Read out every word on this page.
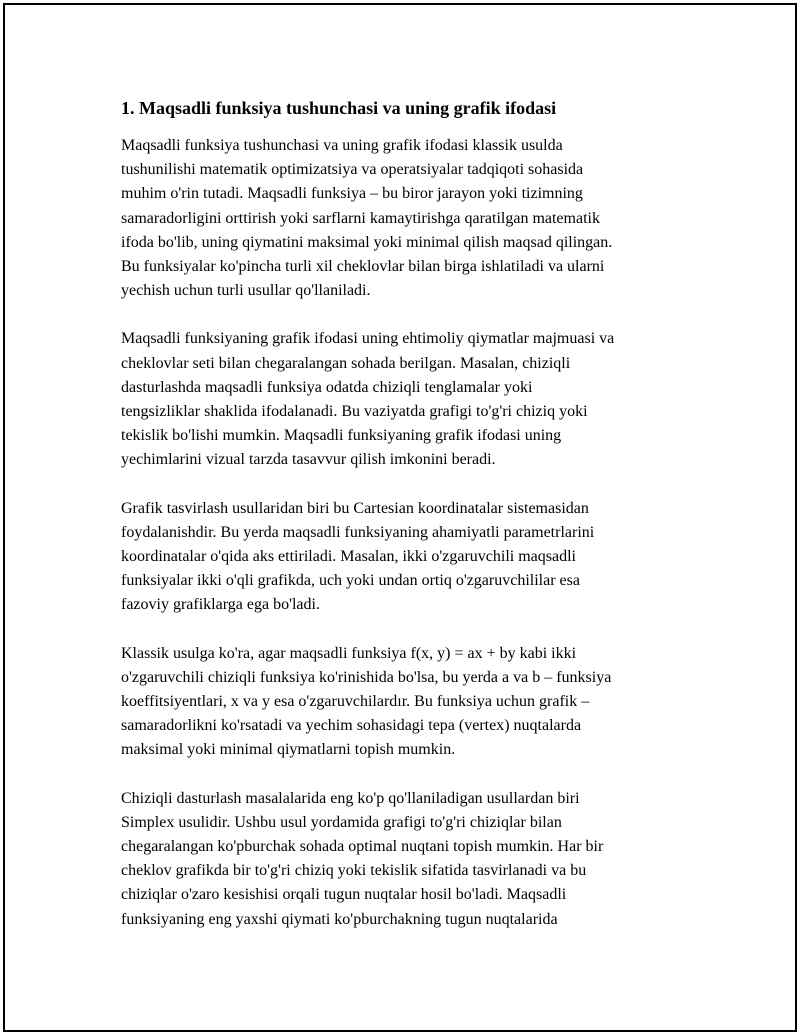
1. Maqsadli funksiya tushunchasi va uning grafik ifodasi

Maqsadli funksiya tushunchasi va uning grafik ifodasi klassik usulda
tushunilishi matematik optimizatsiya va operatsiyalar tadqiqoti sohasida
muhim o'rin tutadi. Maqsadli funksiya – bu biror jarayon yoki tizimning
samaradorligini orttirish yoki sarflarni kamaytirishga qaratilgan matematik
ifoda bo'lib, uning qiymatini maksimal yoki minimal qilish maqsad qilingan.
Bu funksiyalar ko'pincha turli xil cheklovlar bilan birga ishlatiladi va ularni
yechish uchun turli usullar qo'llaniladi.

Maqsadli funksiyaning grafik ifodasi uning ehtimoliy qiymatlar majmuasi va
cheklovlar seti bilan chegaralangan sohada berilgan. Masalan, chiziqli
dasturlashda maqsadli funksiya odatda chiziqli tenglamalar yoki
tengsizliklar shaklida ifodalanadi. Bu vaziyatda grafigi to'g'ri chiziq yoki
tekislik bo'lishi mumkin. Maqsadli funksiyaning grafik ifodasi uning
yechimlarini vizual tarzda tasavvur qilish imkonini beradi.

Grafik tasvirlash usullaridan biri bu Cartesian koordinatalar sistemasidan
foydalanishdir. Bu yerda maqsadli funksiyaning ahamiyatli parametrlarini
koordinatalar o'qida aks ettiriladi. Masalan, ikki o'zgaruvchili maqsadli
funksiyalar ikki o'qli grafikda, uch yoki undan ortiq o'zgaruvchililar esa
fazoviy grafiklarga ega bo'ladi.

Klassik usulga ko'ra, agar maqsadli funksiya f(x, y) = ax + by kabi ikki
o'zgaruvchili chiziqli funksiya ko'rinishida bo'lsa, bu yerda a va b – funksiya
koeffitsiyentlari, x va y esa o'zgaruvchilardır. Bu funksiya uchun grafik –
samaradorlikni ko'rsatadi va yechim sohasidagi tepa (vertex) nuqtalarda
maksimal yoki minimal qiymatlarni topish mumkin.

Chiziqli dasturlash masalalarida eng ko'p qo'llaniladigan usullardan biri
Simplex usulidir. Ushbu usul yordamida grafigi to'g'ri chiziqlar bilan
chegaralangan ko'pburchak sohada optimal nuqtani topish mumkin. Har bir
cheklov grafikda bir to'g'ri chiziq yoki tekislik sifatida tasvirlanadi va bu
chiziqlar o'zaro kesishisi orqali tugun nuqtalar hosil bo'ladi. Maqsadli
funksiyaning eng yaxshi qiymati ko'pburchakning tugun nuqtalarida
